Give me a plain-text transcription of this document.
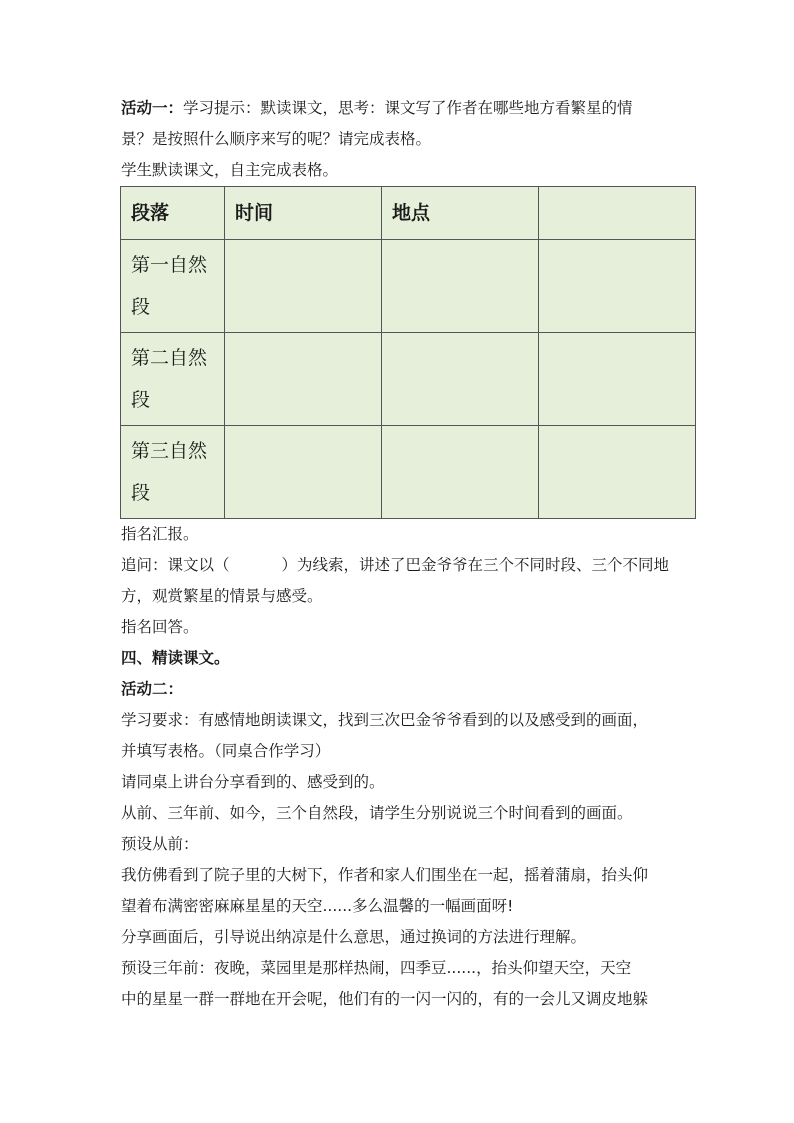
活动一：学习提示：默读课文，思考：课文写了作者在哪些地方看繁星的情
景？是按照什么顺序来写的呢？请完成表格。
学生默读课文，自主完成表格。
段落	时间	地点	
第一自然段			
第二自然段			
第三自然段			
指名汇报。
追问：课文以（	）为线索，讲述了巴金爷爷在三个不同时段、三个不同地
方，观赏繁星的情景与感受。
指名回答。
四、精读课文。
活动二：
学习要求：有感情地朗读课文，找到三次巴金爷爷看到的以及感受到的画面，
并填写表格。（同桌合作学习）
请同桌上讲台分享看到的、感受到的。
从前、三年前、如今，三个自然段，请学生分别说说三个时间看到的画面。
预设从前：
我仿佛看到了院子里的大树下，作者和家人们围坐在一起，摇着蒲扇，抬头仰
望着布满密密麻麻星星的天空......多么温馨的一幅画面呀!
分享画面后，引导说出纳凉是什么意思，通过换词的方法进行理解。
预设三年前：夜晚，菜园里是那样热闹，四季豆......，抬头仰望天空，天空
中的星星一群一群地在开会呢，他们有的一闪一闪的，有的一会儿又调皮地躲
